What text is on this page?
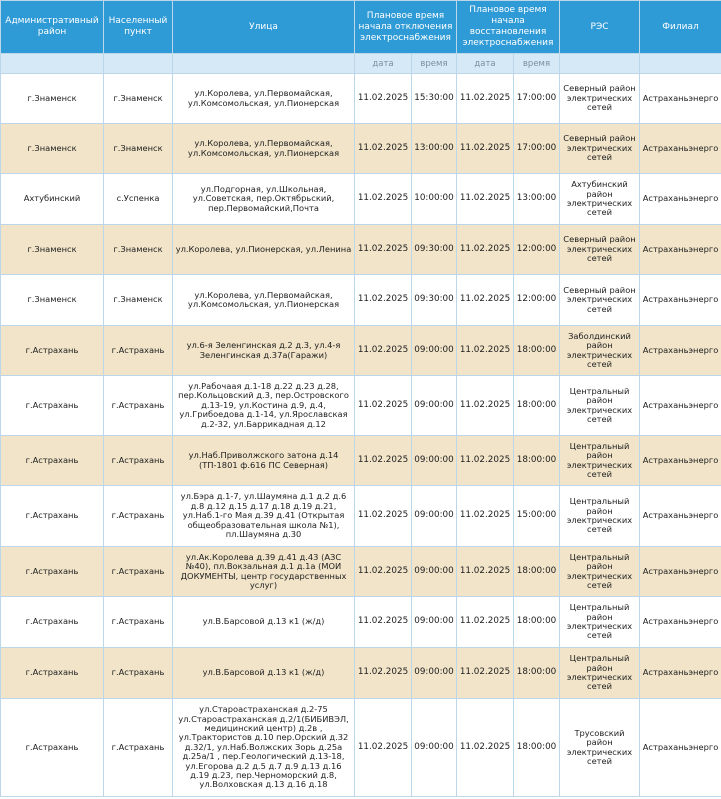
Административный район	Населенный пункт	Улица	Плановое время начала отключения электроснабжения		Плановое время начала восстановления электроснабжения		РЭС	Филиал
			дата	время	дата	время		
г.Знаменск	г.Знаменск	ул.Королева, ул.Первомайская, ул.Комсомольская, ул.Пионерская	11.02.2025	15:30:00	11.02.2025	17:00:00	Северный район электрических сетей	Астраханьэнерго
г.Знаменск	г.Знаменск	ул.Королева, ул.Первомайская, ул.Комсомольская, ул.Пионерская	11.02.2025	13:00:00	11.02.2025	17:00:00	Северный район электрических сетей	Астраханьэнерго
Ахтубинский	с.Успенка	ул.Подгорная, ул.Школьная, ул.Советская, пер.Октябрьский, пер.Первомайский,Почта	11.02.2025	10:00:00	11.02.2025	13:00:00	Ахтубинский район электрических сетей	Астраханьэнерго
г.Знаменск	г.Знаменск	ул.Королева, ул.Пионерская, ул.Ленина	11.02.2025	09:30:00	11.02.2025	12:00:00	Северный район электрических сетей	Астраханьэнерго
г.Знаменск	г.Знаменск	ул.Королева, ул.Первомайская, ул.Комсомольская, ул.Пионерская	11.02.2025	09:30:00	11.02.2025	12:00:00	Северный район электрических сетей	Астраханьэнерго
г.Астрахань	г.Астрахань	ул.6-я Зеленгинская д.2 д.3, ул.4-я Зеленгинская д.37а(Гаражи)	11.02.2025	09:00:00	11.02.2025	18:00:00	Заболдинский район электрических сетей	Астраханьэнерго
г.Астрахань	г.Астрахань	ул.Рабочаая д.1-18 д.22 д.23 д.28, пер.Кольцовский д.3, пер.Островского д.13-19, ул.Костина д.9, д.4, ул.Грибоедова д.1-14, ул.Ярославская д.2-32, ул.Баррикадная д.12	11.02.2025	09:00:00	11.02.2025	18:00:00	Центральный район электрических сетей	Астраханьэнерго
г.Астрахань	г.Астрахань	ул.Наб.Приволжского затона д.14 (ТП-1801 ф.616 ПС Северная)	11.02.2025	09:00:00	11.02.2025	18:00:00	Центральный район электрических сетей	Астраханьэнерго
г.Астрахань	г.Астрахань	ул.Бэра д.1-7, ул.Шаумяна д.1 д.2 д.6 д.8 д.12 д.15 д.17 д.18 д.19 д.21, ул.Наб.1-го Мая д.39 д.41 (Открытая общеобразовательная школа №1), пл.Шаумяна д.30	11.02.2025	09:00:00	11.02.2025	15:00:00	Центральный район электрических сетей	Астраханьэнерго
г.Астрахань	г.Астрахань	ул.Ак.Королева д.39 д.41 д.43 (АЗС №40), пл.Вокзальная д.1 д.1а (МОИ ДОКУМЕНТЫ, центр государственных услуг)	11.02.2025	09:00:00	11.02.2025	18:00:00	Центральный район электрических сетей	Астраханьэнерго
г.Астрахань	г.Астрахань	ул.В.Барсовой д.13 к1 (ж/д)	11.02.2025	09:00:00	11.02.2025	18:00:00	Центральный район электрических сетей	Астраханьэнерго
г.Астрахань	г.Астрахань	ул.В.Барсовой д.13 к1 (ж/д)	11.02.2025	09:00:00	11.02.2025	18:00:00	Центральный район электрических сетей	Астраханьэнерго
г.Астрахань	г.Астрахань	ул.Староастраханская д.2-75 ул.Староастраханская д.2/1(БИБИВЭЛ, медицинский центр) д.2в , ул.Трактористов д.10 пер.Орский д.32 д.32/1, ул.Наб.Волжских Зорь д.25а д.25а/1 , пер.Геологический д.13-18, ул.Егорова д.2 д.5 д.7 д.9 д.13 д.16 д.19 д.23, пер.Черноморский д.8, ул.Волховская д.13 д.16 д.18	11.02.2025	09:00:00	11.02.2025	18:00:00	Трусовский район электрических сетей	Астраханьэнерго
